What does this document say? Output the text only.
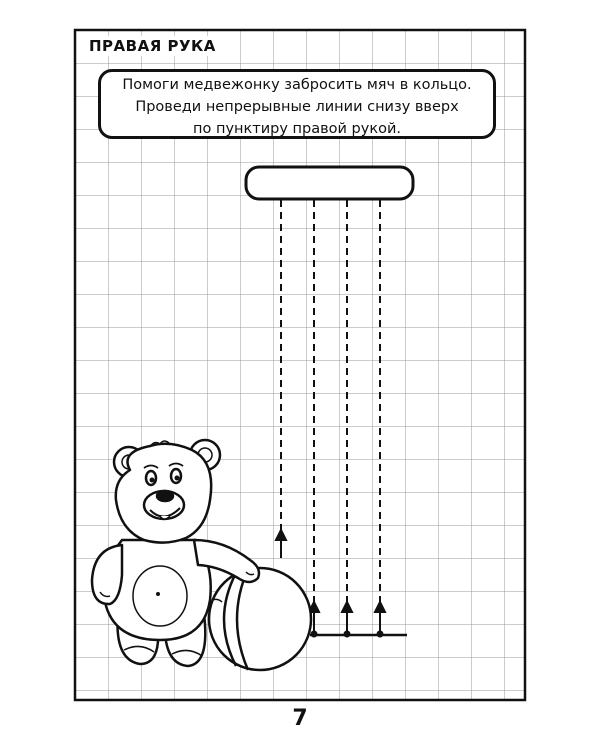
ПРАВАЯ РУКА
Помоги медвежонку забросить мяч в кольцо.
Проведи непрерывные линии снизу вверх
по пунктиру правой рукой.
7
